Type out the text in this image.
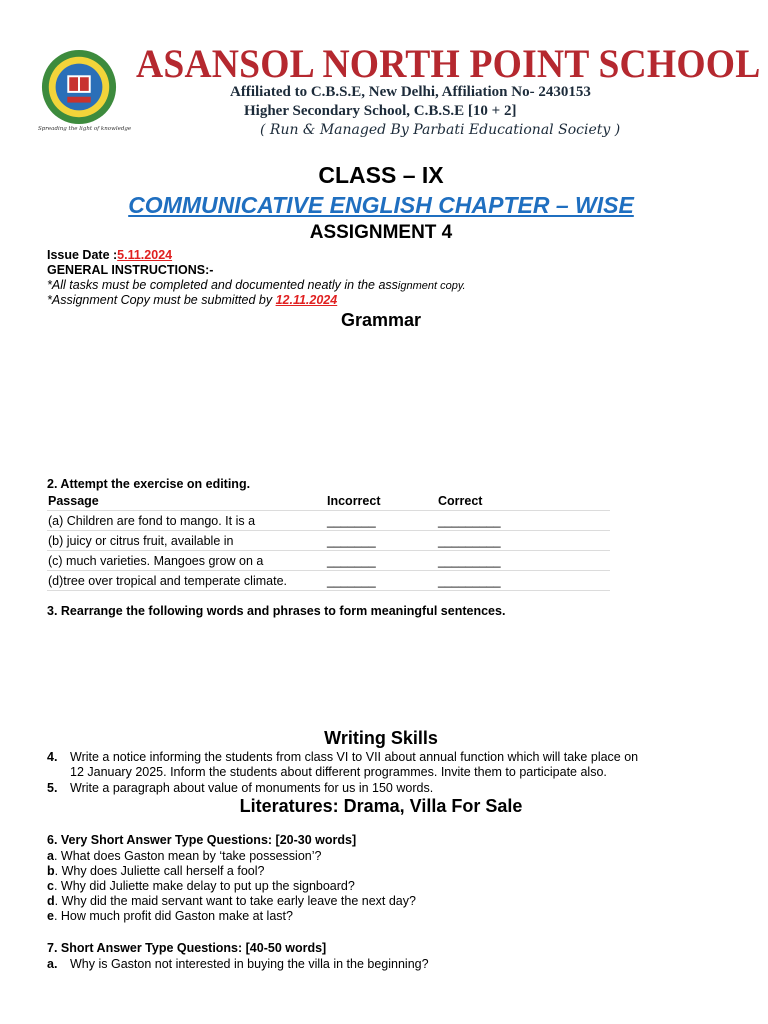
Spreading the light of knowledge
ASANSOL NORTH POINT SCHOOL
Affiliated to C.B.S.E, New Delhi, Affiliation No- 2430153
Higher Secondary School, C.B.S.E [10 + 2]
( Run & Managed By Parbati Educational Society )
CLASS – IX
COMMUNICATIVE ENGLISH CHAPTER – WISE
ASSIGNMENT 4
Issue Date :5.11.2024
GENERAL INSTRUCTIONS:-
*All tasks must be completed and documented neatly in the assignment copy.
*Assignment Copy must be submitted by 12.11.2024
Grammar
2. Attempt the exercise on editing.
Passage	Incorrect	Correct
(a) Children are fond to mango. It is a	_______	_________
(b) juicy or citrus fruit, available in	_______	_________
(c) much varieties. Mangoes grow on a	_______	_________
(d)tree over tropical and temperate climate.	_______	_________
3. Rearrange the following words and phrases to form meaningful sentences.
Writing Skills
4. Write a notice informing the students from class VI to VII about annual function which will take place on
12 January 2025. Inform the students about different programmes. Invite them to participate also.
5. Write a paragraph about value of monuments for us in 150 words.
Literatures: Drama, Villa For Sale
6. Very Short Answer Type Questions: [20-30 words]
a. What does Gaston mean by ‘take possession’?
b. Why does Juliette call herself a fool?
c. Why did Juliette make delay to put up the signboard?
d. Why did the maid servant want to take early leave the next day?
e. How much profit did Gaston make at last?
7. Short Answer Type Questions: [40-50 words]
a. Why is Gaston not interested in buying the villa in the beginning?
